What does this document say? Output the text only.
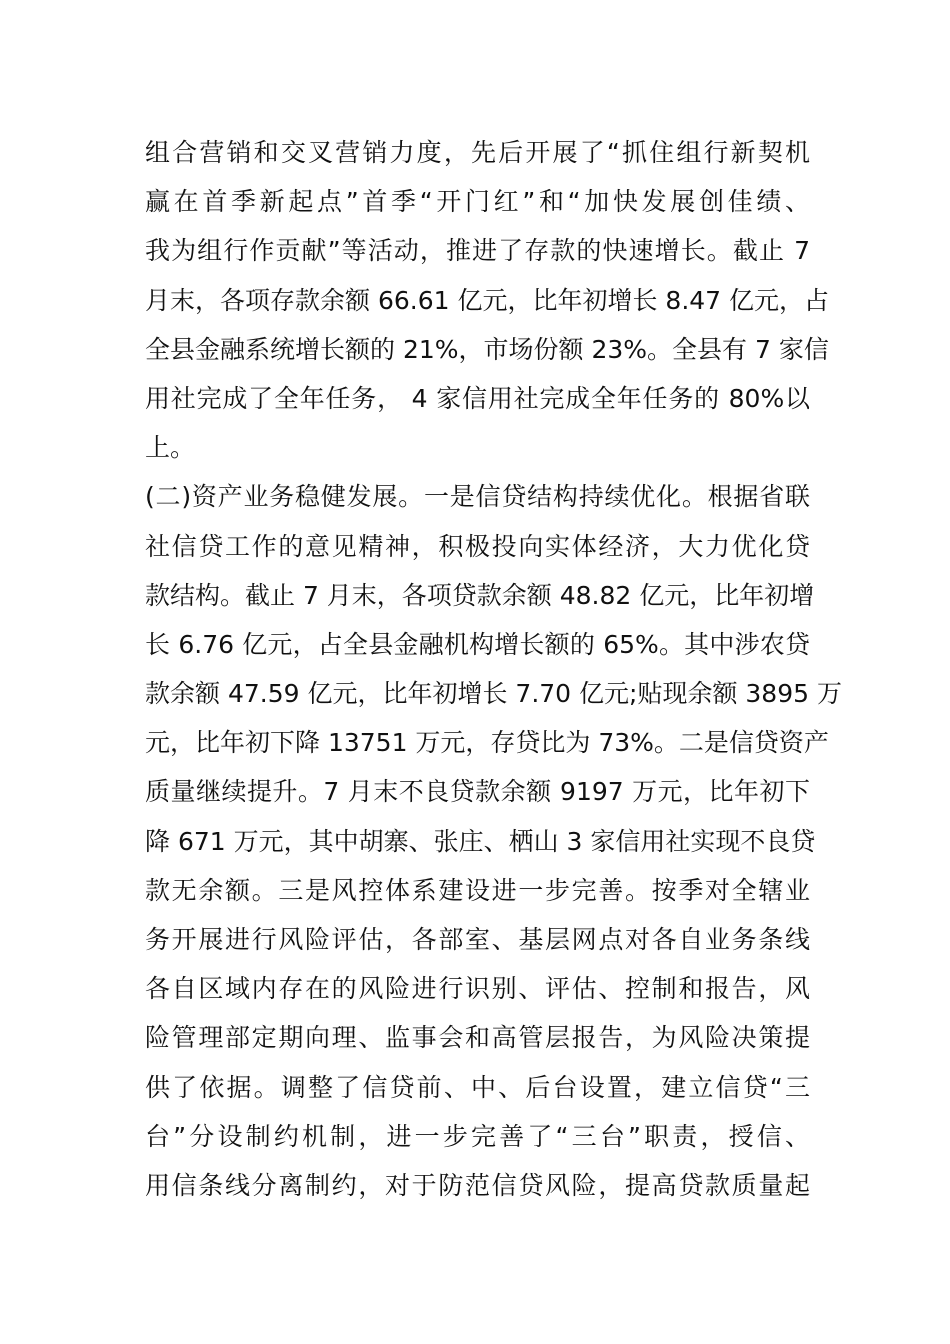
组合营销和交叉营销力度，先后开展了“抓住组行新契机
赢在首季新起点”首季“开门红”和“加快发展创佳绩、
我为组行作贡献”等活动，推进了存款的快速增长。截止 7
月末，各项存款余额 66.61 亿元，比年初增长 8.47 亿元，占
全县金融系统增长额的 21%，市场份额 23%。全县有 7 家信
用社完成了全年任务， 4 家信用社完成全年任务的 80%以
上。
(二)资产业务稳健发展。一是信贷结构持续优化。根据省联
社信贷工作的意见精神，积极投向实体经济，大力优化贷
款结构。截止 7 月末，各项贷款余额 48.82 亿元，比年初增
长 6.76 亿元，占全县金融机构增长额的 65%。其中涉农贷
款余额 47.59 亿元，比年初增长 7.70 亿元;贴现余额 3895 万
元，比年初下降 13751 万元，存贷比为 73%。二是信贷资产
质量继续提升。7 月末不良贷款余额 9197 万元，比年初下
降 671 万元，其中胡寨、张庄、栖山 3 家信用社实现不良贷
款无余额。三是风控体系建设进一步完善。按季对全辖业
务开展进行风险评估，各部室、基层网点对各自业务条线
各自区域内存在的风险进行识别、评估、控制和报告，风
险管理部定期向理、监事会和高管层报告，为风险决策提
供了依据。调整了信贷前、中、后台设置，建立信贷“三
台”分设制约机制，进一步完善了“三台”职责，授信、
用信条线分离制约，对于防范信贷风险，提高贷款质量起
